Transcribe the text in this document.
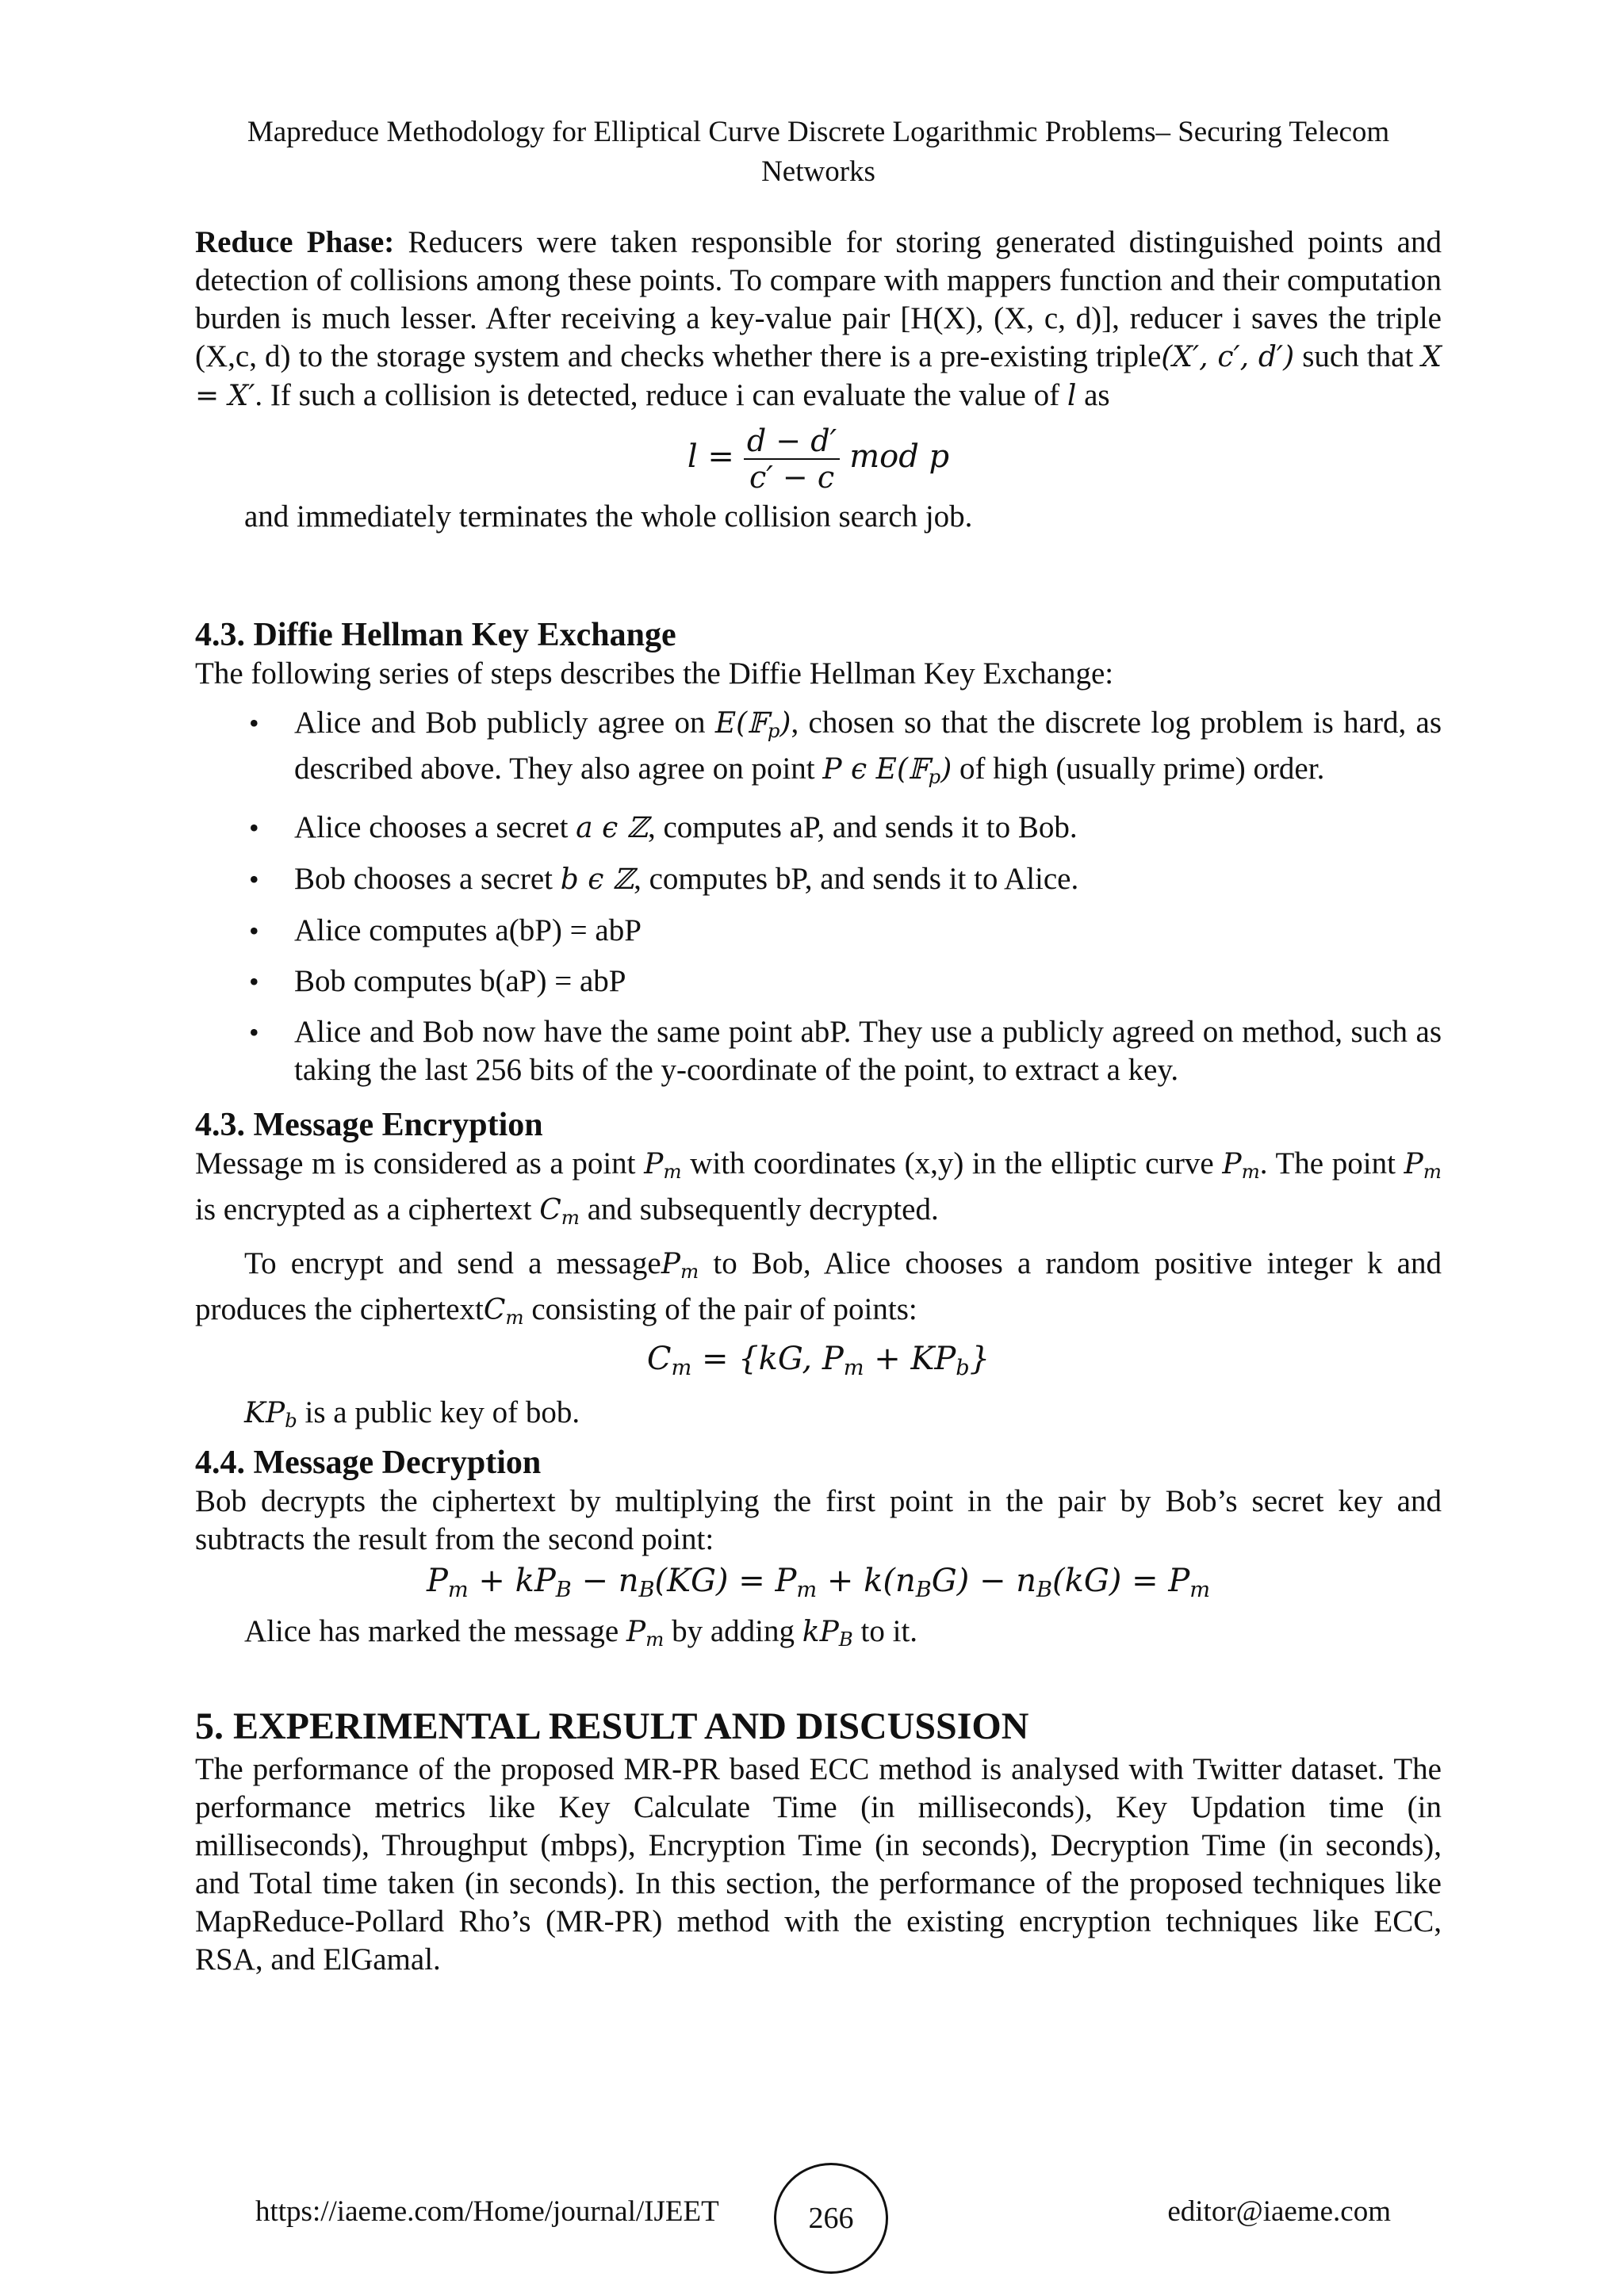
Mapreduce Methodology for Elliptical Curve Discrete Logarithmic Problems– Securing Telecom
Networks

Reduce Phase: Reducers were taken responsible for storing generated distinguished points and detection of collisions among these points. To compare with mappers function and their computation burden is much lesser. After receiving a key-value pair [H(X), (X, c, d)], reducer i saves the triple (X,c, d) to the storage system and checks whether there is a pre-existing triple(X′, c′, d′) such that X = X′. If such a collision is detected, reduce i can evaluate the value of l as

$l = \frac{d - d'}{c' - c}$ mod p

and immediately terminates the whole collision search job.

4.3. Diffie Hellman Key Exchange

The following series of steps describes the Diffie Hellman Key Exchange:

• Alice and Bob publicly agree on E(𝔽$_p$), chosen so that the discrete log problem is hard, as described above. They also agree on point P ϵ E(𝔽$_p$) of high (usually prime) order.
• Alice chooses a secret a ϵ ℤ, computes aP, and sends it to Bob.
• Bob chooses a secret b ϵ ℤ, computes bP, and sends it to Alice.
• Alice computes a(bP) = abP
• Bob computes b(aP) = abP
• Alice and Bob now have the same point abP. They use a publicly agreed on method, such as taking the last 256 bits of the y-coordinate of the point, to extract a key.
4.3. Message Encryption

Message m is considered as a point $P_m$ with coordinates (x,y) in the elliptic curve $P_m$. The point $P_m$ is encrypted as a ciphertext $C_m$ and subsequently decrypted.

To encrypt and send a messageP$_m$ to Bob, Alice chooses a random positive integer k and produces the ciphertextC$_m$ consisting of the pair of points:

$C_m = \{kG$, $P_m + KP_b$}

$KP_b$ is a public key of bob.

4.4. Message Decryption

Bob decrypts the ciphertext by multiplying the first point in the pair by Bob’s secret key and subtracts the result from the second point:

$P_m + kP_B - n_B(KG) = P_m + k(n_BG) - n_B(kG) = P_m$

Alice has marked the message $P_m$ by adding $kP_B$ to it.

5. EXPERIMENTAL RESULT AND DISCUSSION

The performance of the proposed MR-PR based ECC method is analysed with Twitter dataset. The performance metrics like Key Calculate Time (in milliseconds), Key Updation time (in milliseconds), Throughput (mbps), Encryption Time (in seconds), Decryption Time (in seconds), and Total time taken (in seconds). In this section, the performance of the proposed techniques like MapReduce-Pollard Rho’s (MR-PR) method with the existing encryption techniques like ECC, RSA, and ElGamal.

https://iaeme.com/Home/journal/IJEET	266	editor@iaeme.com
